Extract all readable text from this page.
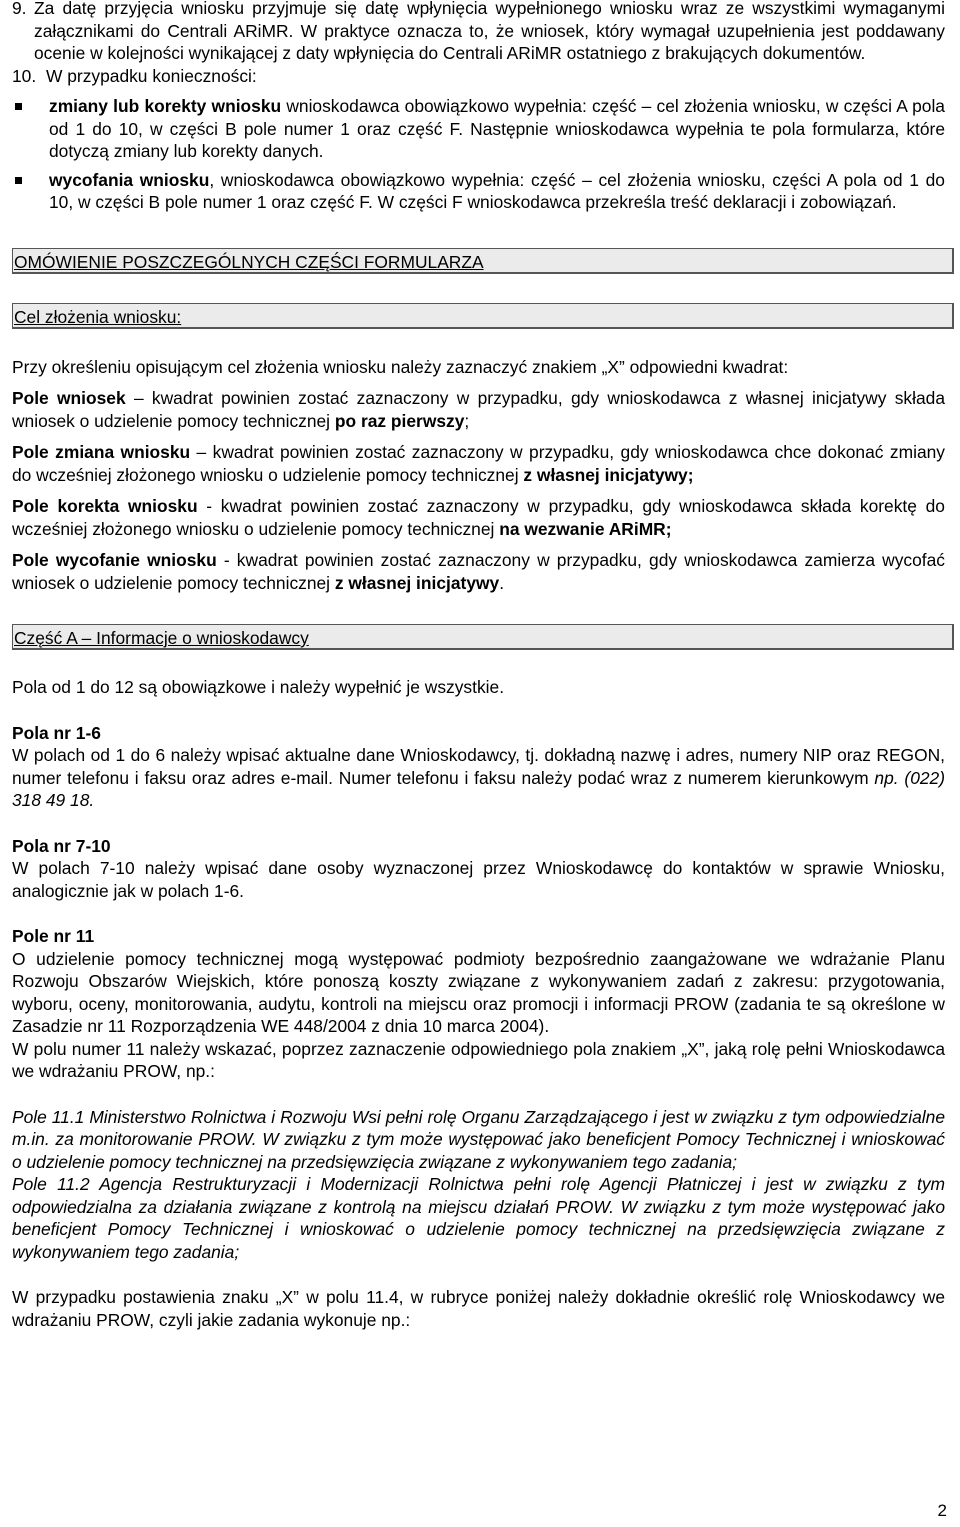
9. Za datę przyjęcia wniosku przyjmuje się datę wpłynięcia wypełnionego wniosku wraz ze wszystkimi wymaganymi załącznikami do Centrali ARiMR. W praktyce oznacza to, że wniosek, który wymagał uzupełnienia jest poddawany ocenie w kolejności wynikającej z daty wpłynięcia do Centrali ARiMR ostatniego z brakujących dokumentów.
10. W przypadku konieczności:
zmiany lub korekty wniosku wnioskodawca obowiązkowo wypełnia: część – cel złożenia wniosku, w części A pola od 1 do 10, w części B pole numer 1 oraz część F. Następnie wnioskodawca wypełnia te pola formularza, które dotyczą zmiany lub korekty danych.
wycofania wniosku, wnioskodawca obowiązkowo wypełnia: część – cel złożenia wniosku, części A pola od 1 do 10, w części B pole numer 1 oraz część F. W części F wnioskodawca przekreśla treść deklaracji i zobowiązań.
OMÓWIENIE POSZCZEGÓLNYCH CZĘŚCI FORMULARZA
Cel złożenia wniosku:

Przy określeniu opisującym cel złożenia wniosku należy zaznaczyć znakiem „X” odpowiedni kwadrat:

Pole wniosek – kwadrat powinien zostać zaznaczony w przypadku, gdy wnioskodawca z własnej inicjatywy składa wniosek o udzielenie pomocy technicznej po raz pierwszy;

Pole zmiana wniosku – kwadrat powinien zostać zaznaczony w przypadku, gdy wnioskodawca chce dokonać zmiany do wcześniej złożonego wniosku o udzielenie pomocy technicznej z własnej inicjatywy;

Pole korekta wniosku - kwadrat powinien zostać zaznaczony w przypadku, gdy wnioskodawca składa korektę do wcześniej złożonego wniosku o udzielenie pomocy technicznej na wezwanie ARiMR;

Pole wycofanie wniosku - kwadrat powinien zostać zaznaczony w przypadku, gdy wnioskodawca zamierza wycofać wniosek o udzielenie pomocy technicznej z własnej inicjatywy.

Część A – Informacje o wnioskodawcy

Pola od 1 do 12 są obowiązkowe i należy wypełnić je wszystkie.

Pola nr 1-6

W polach od 1 do 6 należy wpisać aktualne dane Wnioskodawcy, tj. dokładną nazwę i adres, numery NIP oraz REGON, numer telefonu i faksu oraz adres e-mail. Numer telefonu i faksu należy podać wraz z numerem kierunkowym np. (022) 318 49 18.

Pola nr 7-10

W polach 7-10 należy wpisać dane osoby wyznaczonej przez Wnioskodawcę do kontaktów w sprawie Wniosku, analogicznie jak w polach 1-6.

Pole nr 11

O udzielenie pomocy technicznej mogą występować podmioty bezpośrednio zaangażowane we wdrażanie Planu Rozwoju Obszarów Wiejskich, które ponoszą koszty związane z wykonywaniem zadań z zakresu: przygotowania, wyboru, oceny, monitorowania, audytu, kontroli na miejscu oraz promocji i informacji PROW (zadania te są określone w Zasadzie nr 11 Rozporządzenia WE 448/2004 z dnia 10 marca 2004).

W polu numer 11 należy wskazać, poprzez zaznaczenie odpowiedniego pola znakiem „X”, jaką rolę pełni Wnioskodawca we wdrażaniu PROW, np.:

Pole 11.1 Ministerstwo Rolnictwa i Rozwoju Wsi pełni rolę Organu Zarządzającego i jest w związku z tym odpowiedzialne m.in. za monitorowanie PROW. W związku z tym może występować jako beneficjent Pomocy Technicznej i wnioskować o udzielenie pomocy technicznej na przedsięwzięcia związane z wykonywaniem tego zadania;

Pole 11.2 Agencja Restrukturyzacji i Modernizacji Rolnictwa pełni rolę Agencji Płatniczej i jest w związku z tym odpowiedzialna za działania związane z kontrolą na miejscu działań PROW. W związku z tym może występować jako beneficjent Pomocy Technicznej i wnioskować o udzielenie pomocy technicznej na przedsięwzięcia związane z wykonywaniem tego zadania;

W przypadku postawienia znaku „X” w polu 11.4, w rubryce poniżej należy dokładnie określić rolę Wnioskodawcy we wdrażaniu PROW, czyli jakie zadania wykonuje np.:

2
